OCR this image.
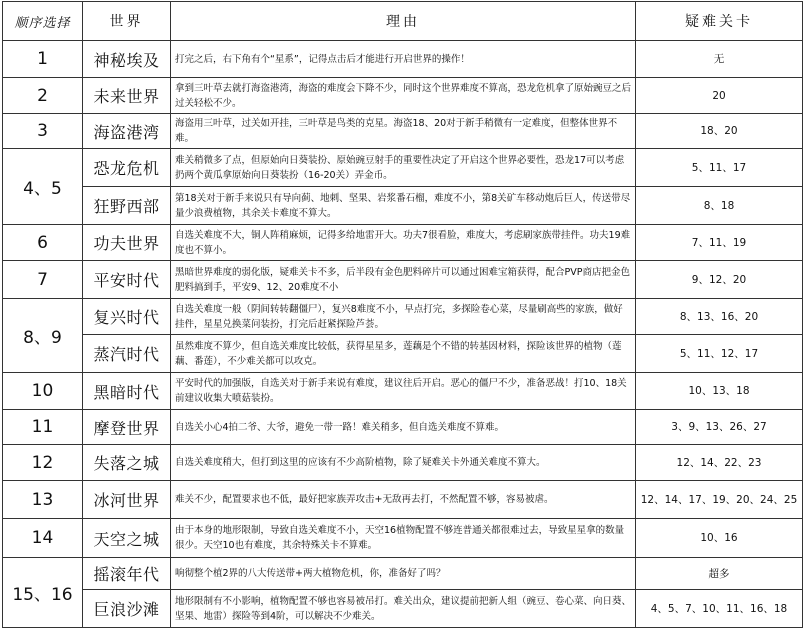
顺序选择	世界	理由	疑难关卡
1	神秘埃及	打完之后，右下角有个“星系”，记得点击后才能进行开启世界的操作！	无
2	未来世界	拿到三叶草去就打海盗港湾，海盗的难度会下降不少，同时这个世界难度不算高，恐龙危机拿了原始豌豆之后过关轻松不少。	20
3	海盗港湾	海盗用三叶草，过关如开挂，三叶草是鸟类的克星。海盗18、20对于新手稍微有一定难度，但整体世界不难。	18、20
4、5	恐龙危机	难关稍微多了点，但原始向日葵装扮、原始豌豆射手的重要性决定了开启这个世界必要性，恐龙17可以考虑扔两个黄瓜拿原始向日葵装扮（16-20关）弄金币。	5、11、17
	狂野西部	第18关对于新手来说只有导向蓟、地刺、坚果、岩浆番石榴，难度不小，第8关矿车移动炮后巨人，传送带尽量少浪费植物，其余关卡难度不算大。	8、18
6	功夫世界	自选关难度不大，铜人阵稍麻烦，记得多给地雷开大。功夫7很看脸，难度大，考虑刷家族带挂件。功夫19难度也不算小。	7、11、19
7	平安时代	黑暗世界难度的弱化版，疑难关卡不多，后半段有金色肥料碎片可以通过困难宝箱获得，配合PVP商店把金色肥料搞到手，平安9、12、20难度不小	9、12、20
8、9	复兴时代	自选关难度一般（阴间转转翻僵尸），复兴8难度不小，早点打完，多探险卷心菜，尽量刷高些的家族，做好挂件，星星兑换菜问装扮，打完后赶紧探险芦荟。	8、13、16、20
	蒸汽时代	虽然难度不算少，但自选关难度比较低，获得星星多，莲藕是个不错的转基因材料，探险该世界的植物（莲藕、番莲），不少难关都可以攻克。	5、11、12、17
10	黑暗时代	平安时代的加强版，自选关对于新手来说有难度，建议往后开启。恶心的僵尸不少，准备恶战！打10、18关前建议收集大喷菇装扮。	10、13、18
11	摩登世界	自选关小心4拍二爷、大爷，避免一带一路！难关稍多，但自选关难度不算难。	3、9、13、26、27
12	失落之城	自选关难度稍大，但打到这里的应该有不少高阶植物，除了疑难关卡外通关难度不算大。	12、14、22、23
13	冰河世界	难关不少，配置要求也不低，最好把家族弄攻击+无敌再去打，不然配置不够，容易被虐。	12、14、17、19、20、24、25
14	天空之城	由于本身的地形限制，导致自选关难度不小，天空16植物配置不够连普通关都很难过去，导致星星拿的数量很少。天空10也有难度，其余特殊关卡不算难。	10、16
15、16	摇滚年代	响彻整个植2界的八大传送带+两大植物危机，你，准备好了吗？	超多
	巨浪沙滩	地形限制有不小影响，植物配置不够也容易被吊打。难关出众，建议提前把新人组（豌豆、卷心菜、向日葵、坚果、地雷）探险等到4阶，可以解决不少难关。	4、5、7、10、11、16、18
